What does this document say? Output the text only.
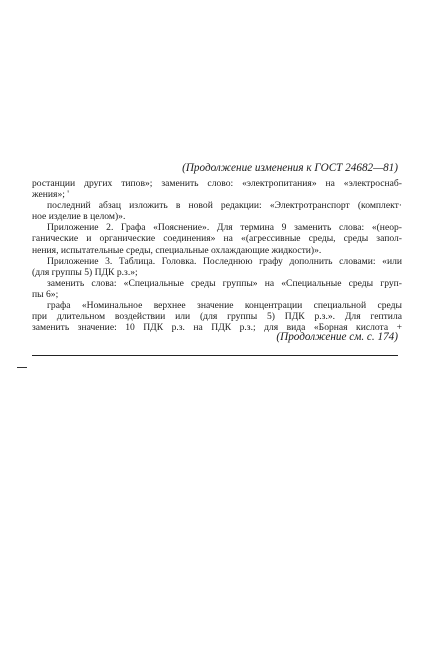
(Продолжение изменения к ГОСТ 24682—81)
ростанции других типов»; заменить слово: «электропитания» на «электроснаб-
жения»; '
последний абзац изложить в новой редакции: «Электротранспорт (комплект·
ное изделие в целом)».
Приложение 2. Графа «Пояснение». Для термина 9 заменить слова: «(неор-
ганические и органические соединения» на «(агрессивные среды, среды запол-
нения, испытательные среды, специальные охлаждающие жидкости)».
Приложение 3. Таблица. Головка. Последнюю графу дополнить словами: «или
(для группы 5) ПДК р.з.»;
заменить слова: «Специальные среды группы» на «Специальные среды груп-
пы 6»;
графа «Номинальное верхнее значение концентрации специальной среды
при длительном воздействии или (для группы 5) ПДК р.з.». Для гептила
заменить значение: 10 ПДК р.з. на ПДК р.з.; для вида «Борная кислота +
(Продолжение см. с. 174)
